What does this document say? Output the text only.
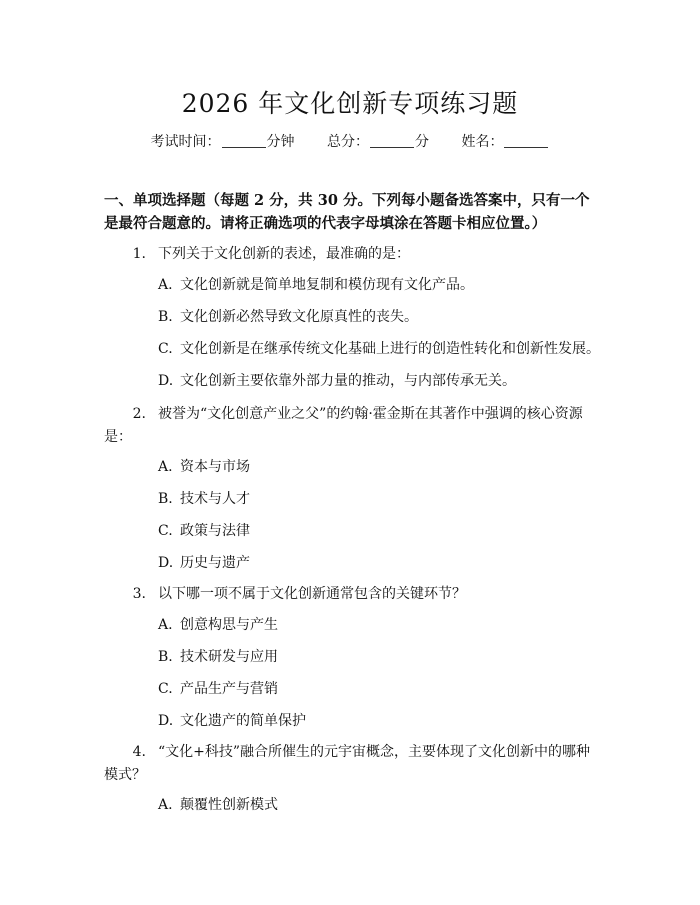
2026 年文化创新专项练习题
考试时间：	分钟 总分：	分 姓名：
一、单项选择题（每题 2 分，共 30 分。下列每小题备选答案中，只有一个是最符合题意的。请将正确选项的代表字母填涂在答题卡相应位置。）
1. 下列关于文化创新的表述，最准确的是：
A. 文化创新就是简单地复制和模仿现有文化产品。
B. 文化创新必然导致文化原真性的丧失。
C. 文化创新是在继承传统文化基础上进行的创造性转化和创新性发展。
D. 文化创新主要依靠外部力量的推动，与内部传承无关。
2. 被誉为“文化创意产业之父”的约翰·霍金斯在其著作中强调的核心资源是：
A. 资本与市场
B. 技术与人才
C. 政策与法律
D. 历史与遗产
3. 以下哪一项不属于文化创新通常包含的关键环节？
A. 创意构思与产生
B. 技术研发与应用
C. 产品生产与营销
D. 文化遗产的简单保护
4. “文化+科技”融合所催生的元宇宙概念，主要体现了文化创新中的哪种模式？
A. 颠覆性创新模式
